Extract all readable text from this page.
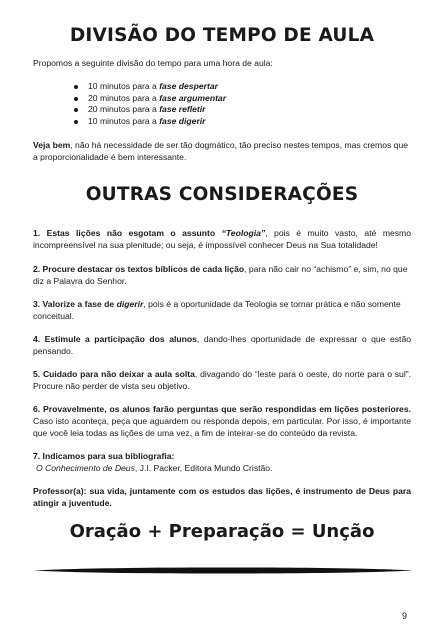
DIVISÃO DO TEMPO DE AULA
Propomos a seguinte divisão do tempo para uma hora de aula:
10 minutos para a fase despertar
20 minutos para a fase argumentar
20 minutos para a fase refletir
10 minutos para a fase digerir
Veja bem, não há necessidade de ser tão dogmático, tão preciso nestes tempos, mas cremos que a proporcionalidade é bem interessante.
OUTRAS CONSIDERAÇÕES
1. Estas lições não esgotam o assunto “Teologia”, pois é muito vasto, até mesmo incompreensível na sua plenitude; ou seja, é impossível conhecer Deus na Sua totalidade!
2. Procure destacar os textos bíblicos de cada lição, para não cair no “achismo” e, sim, no que diz a Palavra do Senhor.
3. Valorize a fase de digerir, pois é a oportunidade da Teologia se tornar prática e não somente conceitual.
4. Estimule a participação dos alunos, dando-lhes oportunidade de expressar o que estão pensando.
5. Cuidado para não deixar a aula solta, divagando do “leste para o oeste, do norte para o sul”. Procure não perder de vista seu objetivo.
6. Provavelmente, os alunos farão perguntas que serão respondidas em lições posteriores. Caso isto aconteça, peça que aguardem ou responda depois, em particular. Por isso, é importante que você leia todas as lições de uma vez, a fim de inteirar-se do conteúdo da revista.
7. Indicamos para sua bibliografia:
O Conhecimento de Deus, J.I. Packer, Editora Mundo Cristão.
Professor(a): sua vida, juntamente com os estudos das lições, é instrumento de Deus para atingir a juventude.
Oração + Preparação = Unção
9
